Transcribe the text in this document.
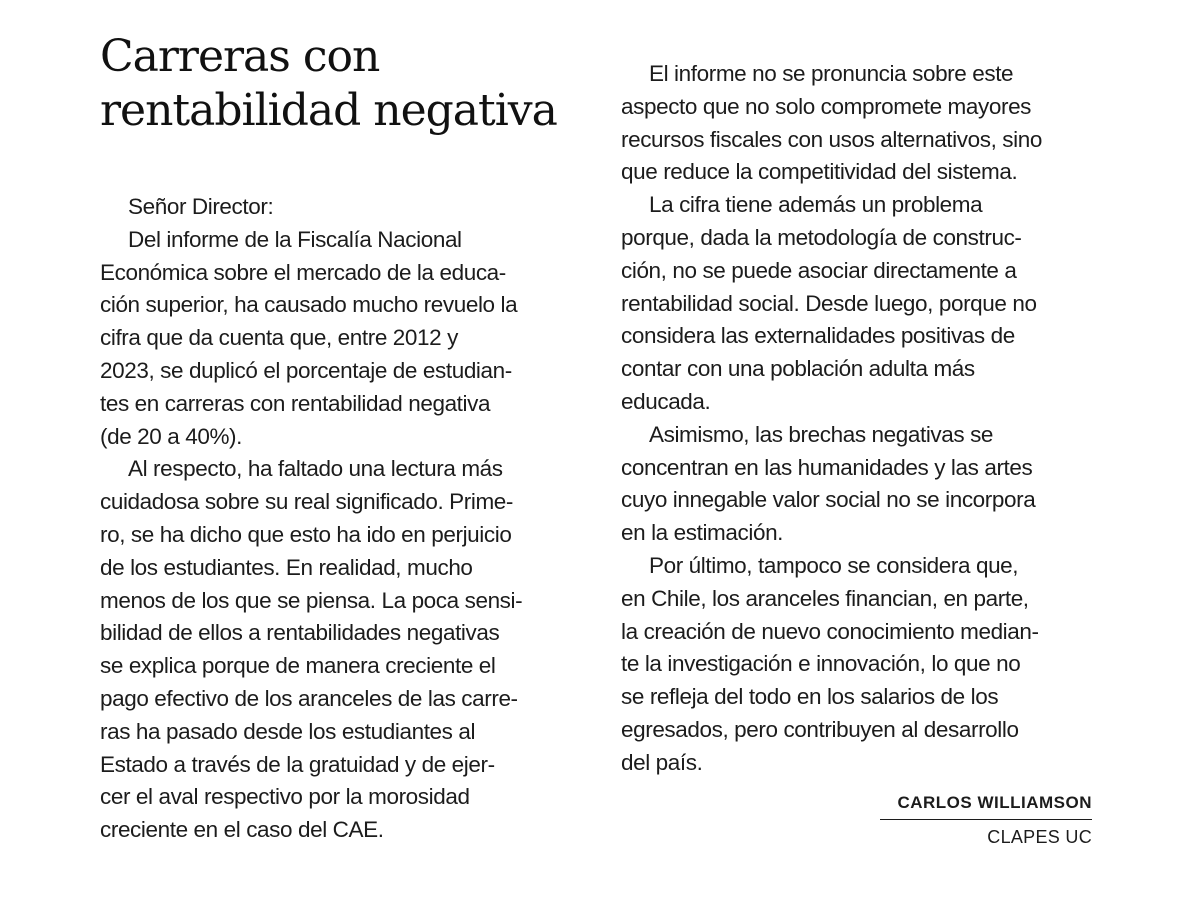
Carreras con
rentabilidad negativa
Señor Director:
Del informe de la Fiscalía Nacional
Económica sobre el mercado de la educa-
ción superior, ha causado mucho revuelo la
cifra que da cuenta que, entre 2012 y
2023, se duplicó el porcentaje de estudian-
tes en carreras con rentabilidad negativa
(de 20 a 40%).
Al respecto, ha faltado una lectura más
cuidadosa sobre su real significado. Prime-
ro, se ha dicho que esto ha ido en perjuicio
de los estudiantes. En realidad, mucho
menos de los que se piensa. La poca sensi-
bilidad de ellos a rentabilidades negativas
se explica porque de manera creciente el
pago efectivo de los aranceles de las carre-
ras ha pasado desde los estudiantes al
Estado a través de la gratuidad y de ejer-
cer el aval respectivo por la morosidad
creciente en el caso del CAE.
El informe no se pronuncia sobre este
aspecto que no solo compromete mayores
recursos fiscales con usos alternativos, sino
que reduce la competitividad del sistema.
La cifra tiene además un problema
porque, dada la metodología de construc-
ción, no se puede asociar directamente a
rentabilidad social. Desde luego, porque no
considera las externalidades positivas de
contar con una población adulta más
educada.
Asimismo, las brechas negativas se
concentran en las humanidades y las artes
cuyo innegable valor social no se incorpora
en la estimación.
Por último, tampoco se considera que,
en Chile, los aranceles financian, en parte,
la creación de nuevo conocimiento median-
te la investigación e innovación, lo que no
se refleja del todo en los salarios de los
egresados, pero contribuyen al desarrollo
del país.
CARLOS WILLIAMSON
CLAPES UC
